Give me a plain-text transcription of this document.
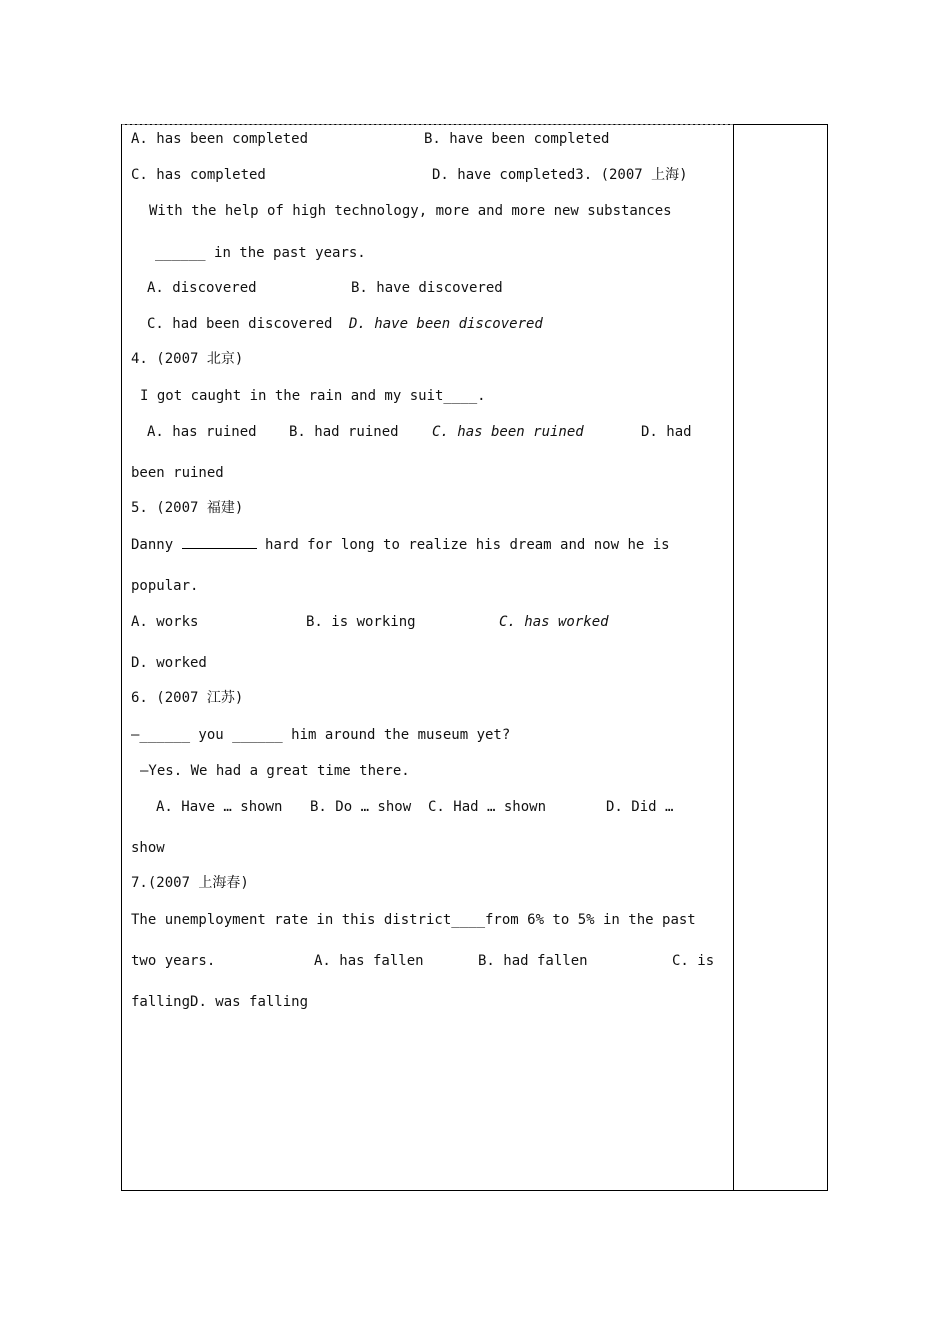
A. has been completed	B. have been completed
C. has completed	D. have completed3. (2007 上海)
With the help of high technology, more and more new substances
______ in the past years.
A. discovered	B. have discovered
C. had been discovered D. have been discovered
4. (2007 北京)
I got caught in the rain and my suit____.
A. has ruined B. had ruined C. has been ruined	D. had
been ruined
5. (2007 福建)
Danny	hard for long to realize his dream and now he is
popular.
A. works	B. is working	C. has worked
D. worked
6. (2007 江苏)
—______ you ______ him around the museum yet?
—Yes. We had a great time there.
A. Have … shown B. Do … show C. Had … shown	D. Did …
show
7.(2007 上海春)
The unemployment rate in this district____from 6% to 5% in the past
two years.	A. has fallen	B. had fallen	C. is
fallingD. was falling
